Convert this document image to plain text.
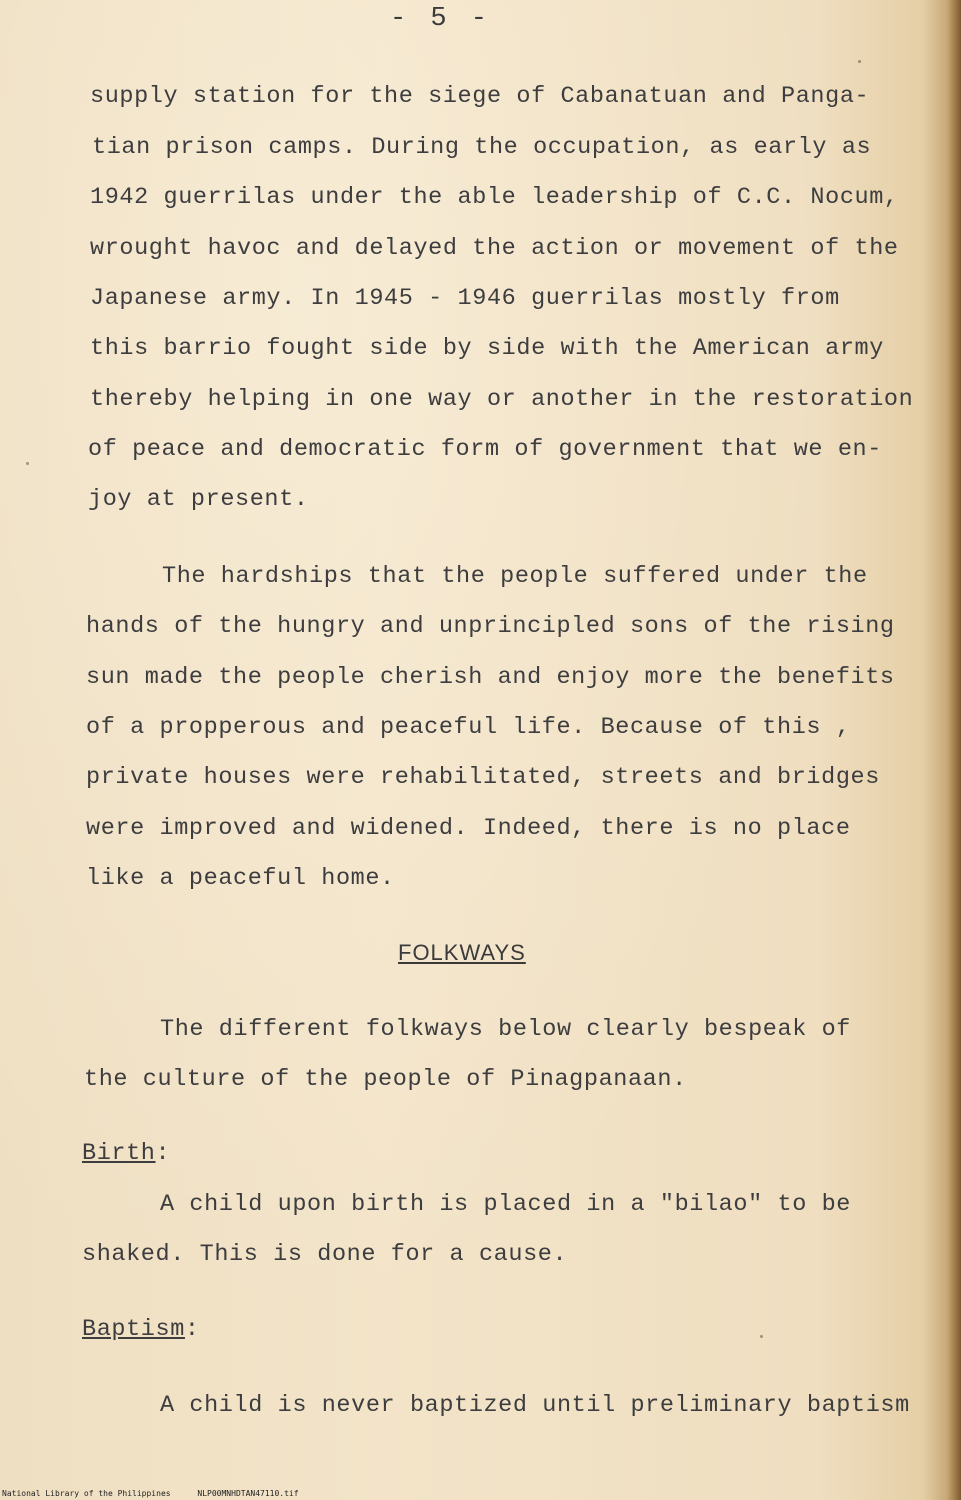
- 5 -
supply station for the siege of Cabanatuan and Panga-
tian prison camps. During the occupation, as early as
1942 guerrilas under the able leadership of C.C. Nocum,
wrought havoc and delayed the action or movement of the
Japanese army. In 1945 - 1946 guerrilas mostly from
this barrio fought side by side with the American army
thereby helping in one way or another in the restoration
of peace and democratic form of government that we en-
joy at present.
The hardships that the people suffered under the
hands of the hungry and unprincipled sons of the rising
sun made the people cherish and enjoy more the benefits
of a propperous and peaceful life. Because of this ,
private houses were rehabilitated, streets and bridges
were improved and widened. Indeed, there is no place
like a peaceful home.
FOLKWAYS
The different folkways below clearly bespeak of
the culture of the people of Pinagpanaan.
Birth:
A child upon birth is placed in a "bilao" to be
shaked. This is done for a cause.
Baptism:
A child is never baptized until preliminary baptism
National Library of the Philippines	NLP00MNHDTAN47110.tif
